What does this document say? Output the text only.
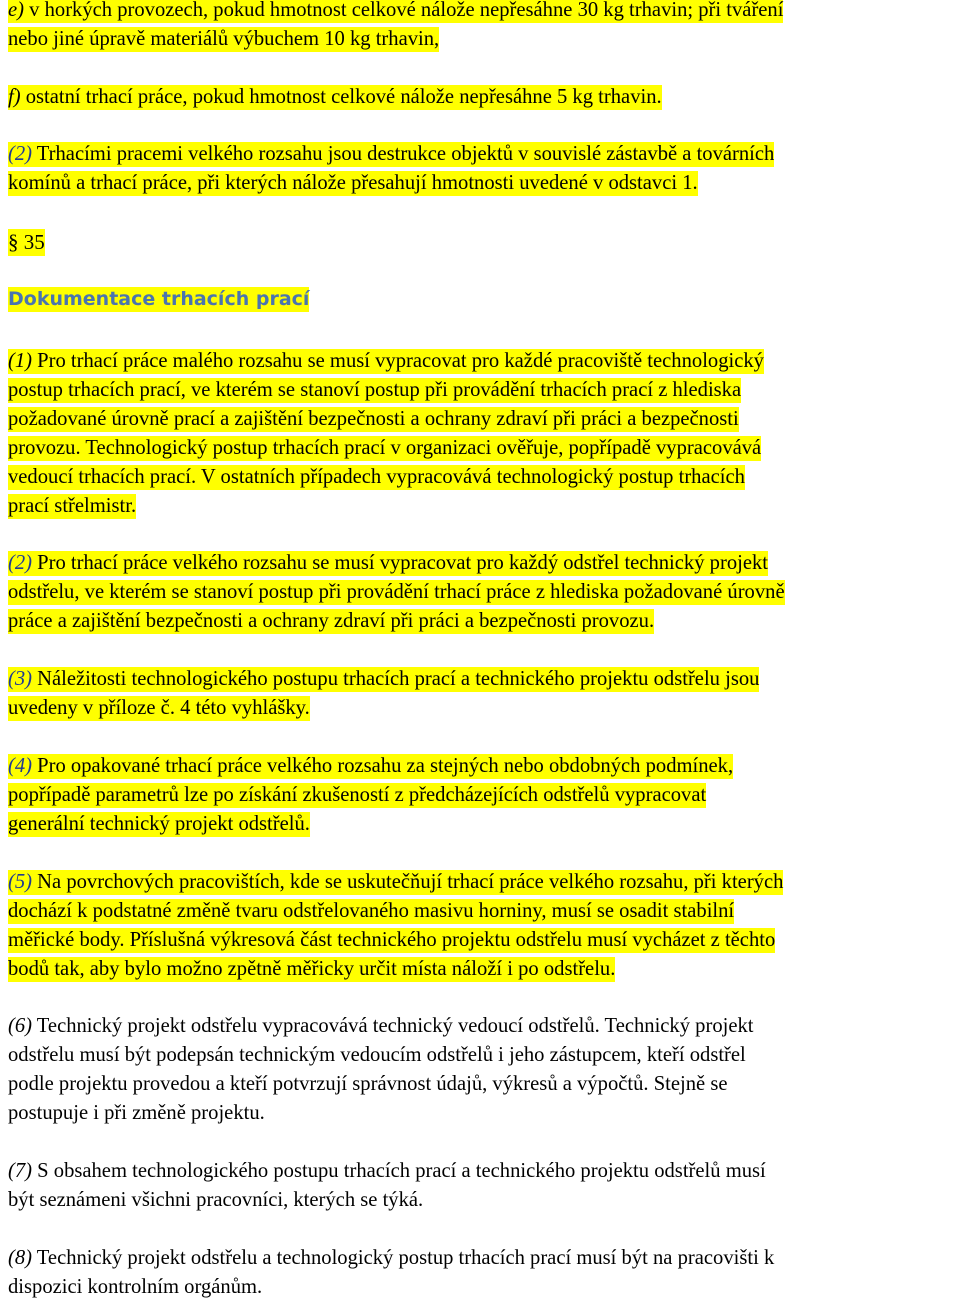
e) v horkých provozech, pokud hmotnost celkové nálože nepřesáhne 30 kg trhavin; při tváření
nebo jiné úpravě materiálů výbuchem 10 kg trhavin,
f) ostatní trhací práce, pokud hmotnost celkové nálože nepřesáhne 5 kg trhavin.
(2) Trhacími pracemi velkého rozsahu jsou destrukce objektů v souvislé zástavbě a továrních
komínů a trhací práce, při kterých nálože přesahují hmotnosti uvedené v odstavci 1.
§ 35
Dokumentace trhacích prací
(1) Pro trhací práce malého rozsahu se musí vypracovat pro každé pracoviště technologický
postup trhacích prací, ve kterém se stanoví postup při provádění trhacích prací z hlediska
požadované úrovně prací a zajištění bezpečnosti a ochrany zdraví při práci a bezpečnosti
provozu. Technologický postup trhacích prací v organizaci ověřuje, popřípadě vypracovává
vedoucí trhacích prací. V ostatních případech vypracovává technologický postup trhacích
prací střelmistr.
(2) Pro trhací práce velkého rozsahu se musí vypracovat pro každý odstřel technický projekt
odstřelu, ve kterém se stanoví postup při provádění trhací práce z hlediska požadované úrovně
práce a zajištění bezpečnosti a ochrany zdraví při práci a bezpečnosti provozu.
(3) Náležitosti technologického postupu trhacích prací a technického projektu odstřelu jsou
uvedeny v příloze č. 4 této vyhlášky.
(4) Pro opakované trhací práce velkého rozsahu za stejných nebo obdobných podmínek,
popřípadě parametrů lze po získání zkušeností z předcházejících odstřelů vypracovat
generální technický projekt odstřelů.
(5) Na povrchových pracovištích, kde se uskutečňují trhací práce velkého rozsahu, při kterých
dochází k podstatné změně tvaru odstřelovaného masivu horniny, musí se osadit stabilní
měřické body. Příslušná výkresová část technického projektu odstřelu musí vycházet z těchto
bodů tak, aby bylo možno zpětně měřicky určit místa náloží i po odstřelu.
(6) Technický projekt odstřelu vypracovává technický vedoucí odstřelů. Technický projekt
odstřelu musí být podepsán technickým vedoucím odstřelů i jeho zástupcem, kteří odstřel
podle projektu provedou a kteří potvrzují správnost údajů, výkresů a výpočtů. Stejně se
postupuje i při změně projektu.
(7) S obsahem technologického postupu trhacích prací a technického projektu odstřelů musí
být seznámeni všichni pracovníci, kterých se týká.
(8) Technický projekt odstřelu a technologický postup trhacích prací musí být na pracovišti k
dispozici kontrolním orgánům.
